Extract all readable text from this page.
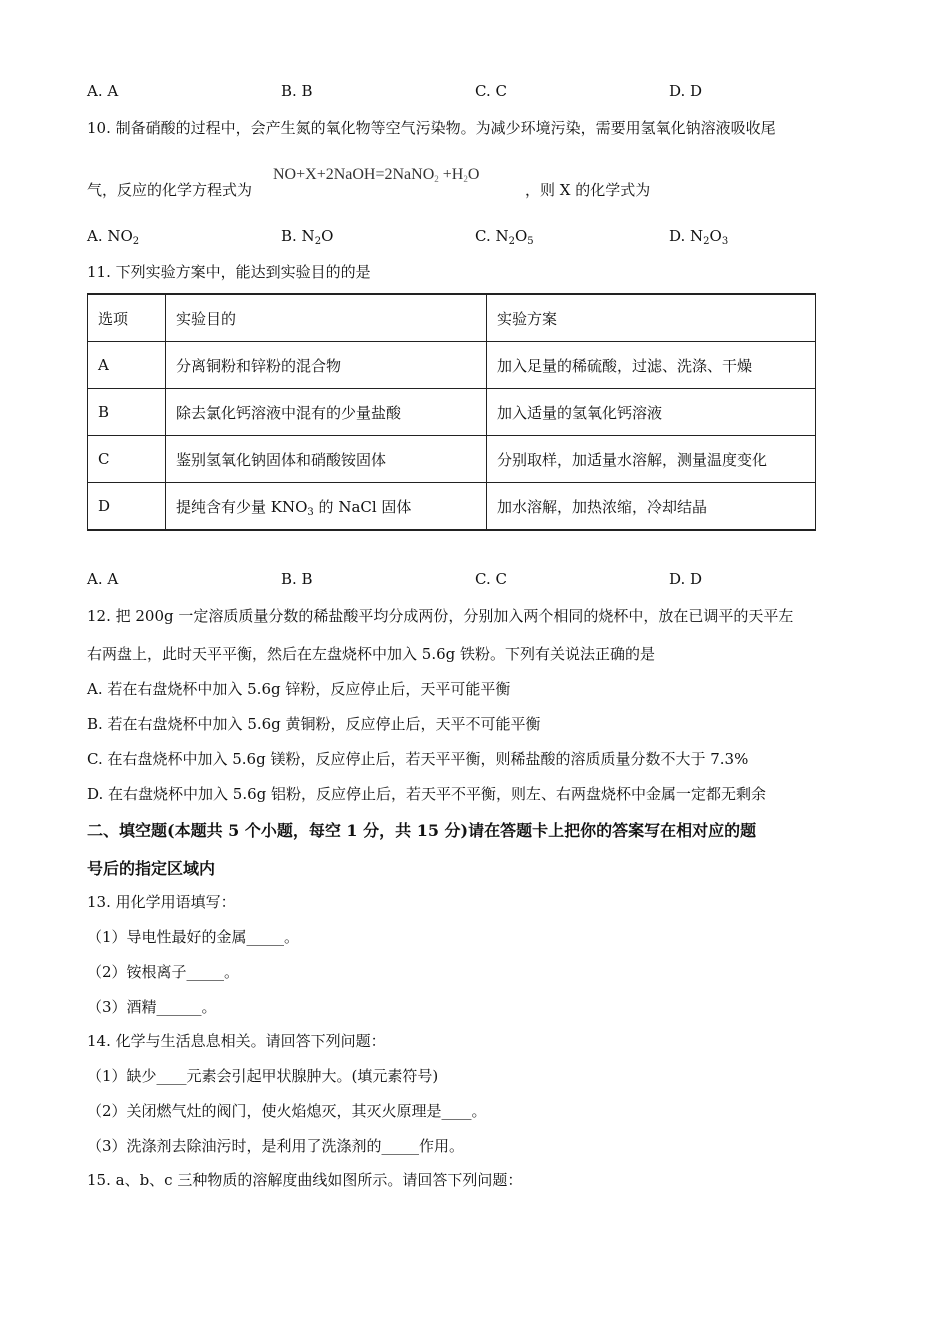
A. A	B. B	C. C	D. D
10. 制备硝酸的过程中，会产生氮的氧化物等空气污染物。为减少环境污染，需要用氢氧化钠溶液吸收尾
气，反应的化学方程式为
NO+X+2NaOH=2NaNO$_2$ $+H_2O$
，则 X 的化学式为
A. $NO_2$	B. $N_2O$	C. $N_2O_5$	D. $N_2O_3$
11. 下列实验方案中，能达到实验目的的是
选项	实验目的	实验方案
A	分离铜粉和锌粉的混合物	加入足量的稀硫酸，过滤、洗涤、干燥
B	除去氯化钙溶液中混有的少量盐酸	加入适量的氢氧化钙溶液
C	鉴别氢氧化钠固体和硝酸铵固体	分别取样，加适量水溶解，测量温度变化
D	提纯含有少量 $KNO_3$ 的 NaCl 固体	加水溶解，加热浓缩，冷却结晶
A. A	B. B	C. C	D. D
12. 把 200g 一定溶质质量分数的稀盐酸平均分成两份，分别加入两个相同的烧杯中，放在已调平的天平左
右两盘上，此时天平平衡，然后在左盘烧杯中加入 5.6g 铁粉。下列有关说法正确的是
A. 若在右盘烧杯中加入 5.6g 锌粉，反应停止后，天平可能平衡
B. 若在右盘烧杯中加入 5.6g 黄铜粉，反应停止后，天平不可能平衡
C. 在右盘烧杯中加入 5.6g 镁粉，反应停止后，若天平平衡，则稀盐酸的溶质质量分数不大于 7.3%
D. 在右盘烧杯中加入 5.6g 铝粉，反应停止后，若天平不平衡，则左、右两盘烧杯中金属一定都无剩余
二、填空题(本题共 5 个小题，每空 1 分，共 15 分)请在答题卡上把你的答案写在相对应的题
号后的指定区域内
13. 用化学用语填写：
（1）导电性最好的金属_____。
（2）铵根离子_____。
（3）酒精______。
14. 化学与生活息息相关。请回答下列问题：
（1）缺少____元素会引起甲状腺肿大。(填元素符号)
（2）关闭燃气灶的阀门，使火焰熄灭，其灭火原理是____。
（3）洗涤剂去除油污时，是利用了洗涤剂的_____作用。
15. a、b、c 三种物质的溶解度曲线如图所示。请回答下列问题：
